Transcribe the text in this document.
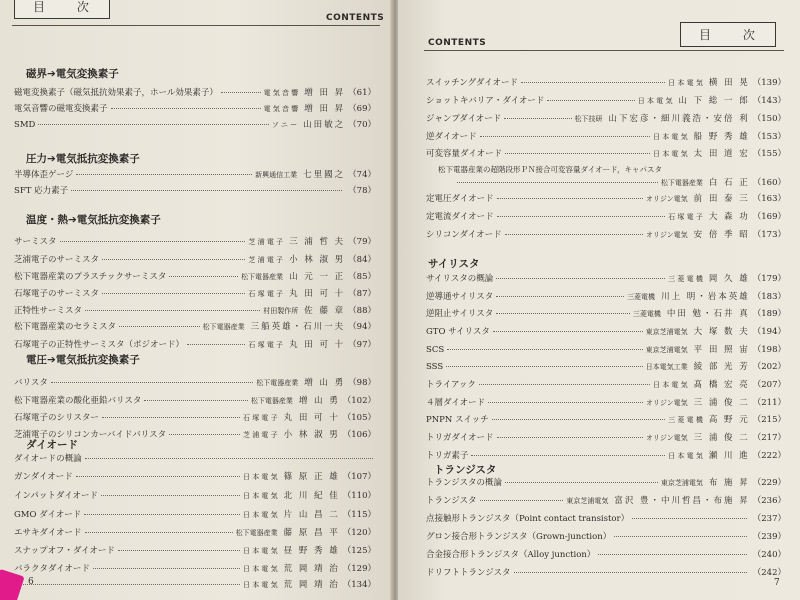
目 次
CONTENTS
磁界➔電気変換素子
磁電変換素子（磁気抵抗効果素子，ホール効果素子）	電 気 音 響 増 田 昇 （61）
電気音響の磁電変換素子	電 気 音 響 増 田 昇 （69）
SMD	ソ ニ ー 山田敏之 （70）
圧力➔電気抵抗変換素子
半導体歪ゲージ	新興通信工業 七里國之 （74）
SFT 応力素子	（78）
温度・熱➔電気抵抗変換素子
サーミスタ	芝 浦 電 子 三 浦 哲 夫 （79）
芝浦電子のサーミスタ	芝 浦 電 子 小 林 淑 男 （84）
松下電器産業のプラスチックサーミスタ	松下電器産業 山 元 一 正 （85）
石塚電子のサーミスタ	石 塚 電 子 丸 田 可 十 （87）
正特性サーミスタ	村田製作所 佐 藤 章 （88）
松下電器産業のセラミスタ	松下電器産業 三船英雄・石川一夫 （94）
石塚電子の正特性サーミスタ（ポジオード）	石 塚 電 子 丸 田 可 十 （97）
電圧➔電気抵抗変換素子
バリスタ	松下電器産業 増 山 勇 （98）
松下電器産業の酸化亜鉛バリスタ	松下電器産業 増 山 勇 （102）
石塚電子のシリスター	石 塚 電 子 丸 田 可 十 （105）
芝浦電子のシリコンカーバイドバリスタ	芝 浦 電 子 小 林 淑 男 （106）
ダイオード
ダイオードの概論
ガンダイオード	日 本 電 気 篠 原 正 雄 （107）
インパットダイオード	日 本 電 気 北 川 紀 佳 （110）
GMO ダイオード	日 本 電 気 片 山 昌 二 （115）
エサキダイオード	松下電器産業 藤 原 昌 平 （120）
スナップオフ・ダイオード	日 本 電 気 昼 野 秀 雄 （125）
バラクタダイオード	日 本 電 気 荒 岡 靖 治 （129）
日 本 電 気 荒 岡 靖 治 （134）
6
CONTENTS
目 次
スイッチングダイオード	日 本 電 気 横 田 晃 （139）
ショットキバリア・ダイオード	日 本 電 気 山 下 総 一 郎 （143）
ジャンプダイオード	松下技研 山下宏彦・細川義浩・安倍 利 （150）
逆ダイオード	日 本 電 気 船 野 秀 雄 （153）
可変容量ダイオード	日 本 電 気 太 田 道 宏 （155）
松下電器産業の超階段形ＰＮ接合可変容量ダイオード，キャパスタ
松下電器産業 白 石 正 （160）
定電圧ダイオード	オリジン電気 前 田 泰 三 （163）
定電流ダイオード	石 塚 電 子 大 森 功 （169）
シリコンダイオード	オリジン電気 安 倍 季 昭 （173）
サイリスタ
サイリスタの概論	三 菱 電 機 岡 久 雄 （179）
逆導通サイリスタ	三菱電機 川上 明・岩本英雄 （183）
逆阻止サイリスタ	三菱電機 中田 勉・石井 真 （189）
GTO サイリスタ	東京芝浦電気 大 塚 数 夫 （194）
SCS	東京芝浦電気 平 田 照 宙 （198）
SSS	日本電気工業 綾 部 光 芳 （202）
トライアック	日 本 電 気 髙 橋 宏 亮 （207）
４層ダイオード	オリジン電気 三 浦 俊 二 （211）
PNPN スイッチ	三 菱 電 機 高 野 元 （215）
トリガダイオード	オリジン電気 三 浦 俊 二 （217）
トリガ素子	日 本 電 気 瀬 川 進 （222）
トランジスタ
トランジスタの概論	東京芝浦電気 布 施 昇 （229）
トランジスタ	東京芝浦電気 富沢 豊・中川哲昌・布施 昇 （236）
点接触形トランジスタ（Point contact transistor）	（237）
グロン接合形トランジスタ（Grown-junction）	（239）
合金接合形トランジスタ（Alloy junction）	（240）
ドリフトトランジスタ	（242）
7
